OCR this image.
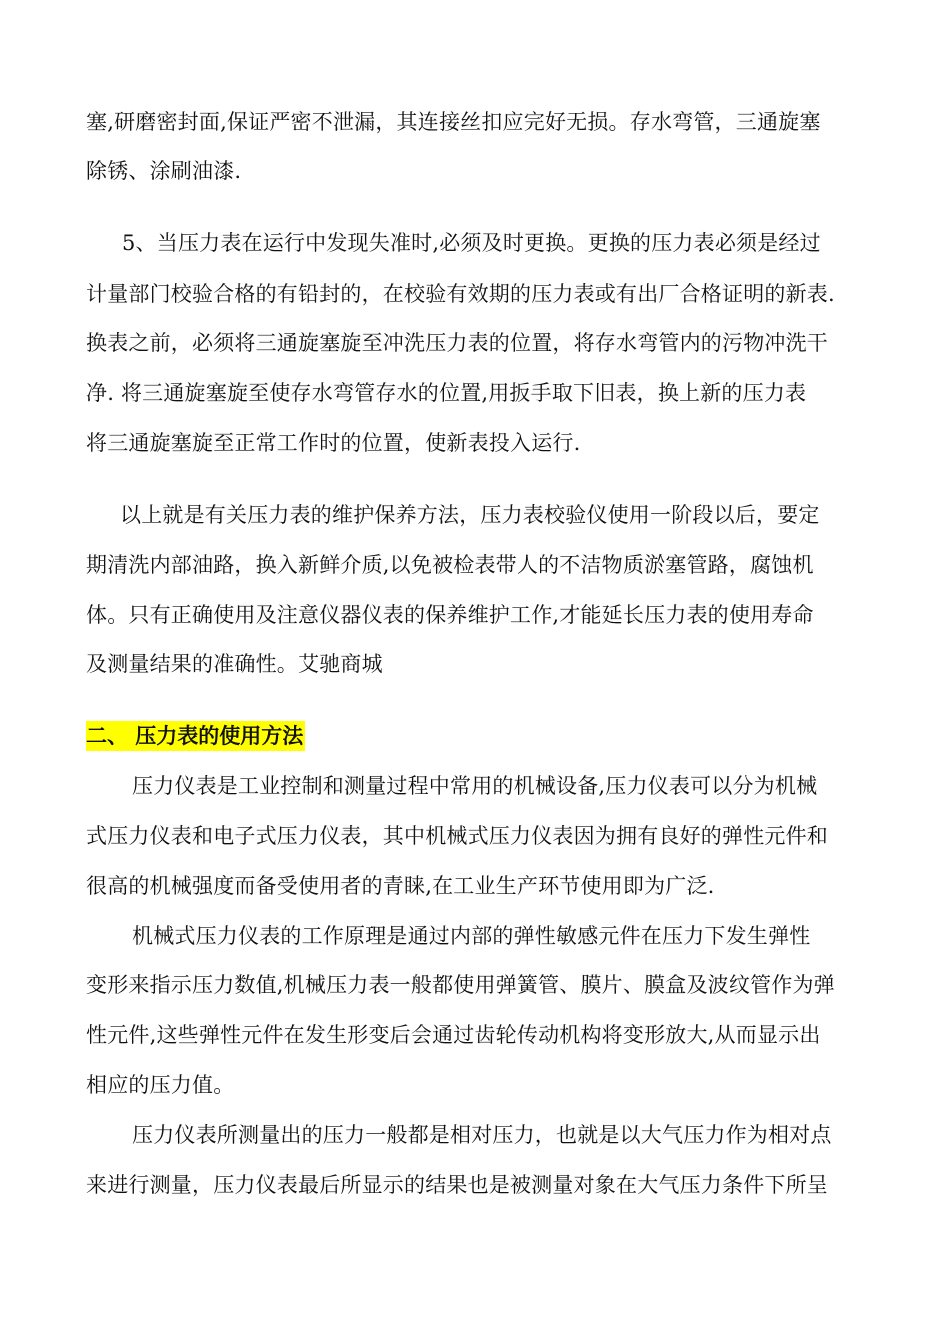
塞,研磨密封面,保证严密不泄漏，其连接丝扣应完好无损。存水弯管，三通旋塞
除锈、涂刷油漆.
5、当压力表在运行中发现失准时,必须及时更换。更换的压力表必须是经过
计量部门校验合格的有铅封的，在校验有效期的压力表或有出厂合格证明的新表.
换表之前，必须将三通旋塞旋至冲洗压力表的位置，将存水弯管内的污物冲洗干
净. 将三通旋塞旋至使存水弯管存水的位置,用扳手取下旧表，换上新的压力表
将三通旋塞旋至正常工作时的位置，使新表投入运行.
以上就是有关压力表的维护保养方法，压力表校验仪使用一阶段以后，要定
期清洗内部油路，换入新鲜介质,以免被检表带人的不洁物质淤塞管路，腐蚀机
体。只有正确使用及注意仪器仪表的保养维护工作,才能延长压力表的使用寿命
及测量结果的准确性。艾驰商城
二、 压力表的使用方法
压力仪表是工业控制和测量过程中常用的机械设备,压力仪表可以分为机械
式压力仪表和电子式压力仪表，其中机械式压力仪表因为拥有良好的弹性元件和
很高的机械强度而备受使用者的青睐,在工业生产环节使用即为广泛.
机械式压力仪表的工作原理是通过内部的弹性敏感元件在压力下发生弹性
变形来指示压力数值,机械压力表一般都使用弹簧管、膜片、膜盒及波纹管作为弹
性元件,这些弹性元件在发生形变后会通过齿轮传动机构将变形放大,从而显示出
相应的压力值。
压力仪表所测量出的压力一般都是相对压力，也就是以大气压力作为相对点
来进行测量，压力仪表最后所显示的结果也是被测量对象在大气压力条件下所呈
